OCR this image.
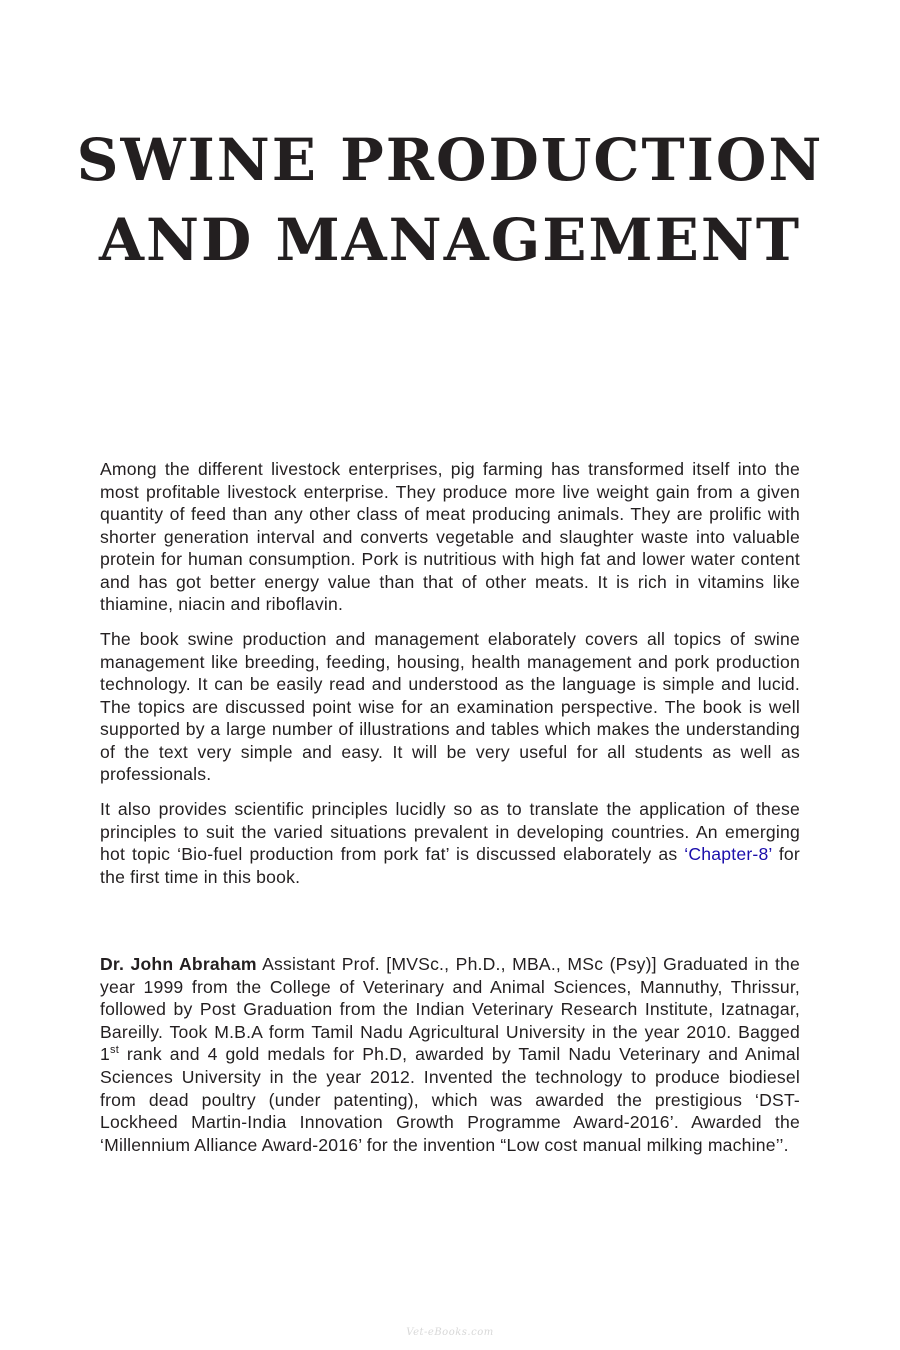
SWINE PRODUCTION
AND MANAGEMENT

Among the different livestock enterprises, pig farming has transformed itself into the most profitable livestock enterprise. They produce more live weight gain from a given quantity of feed than any other class of meat producing animals. They are prolific with shorter generation interval and converts vegetable and slaughter waste into valuable protein for human consumption. Pork is nutritious with high fat and lower water content and has got better energy value than that of other meats. It is rich in vitamins like thiamine, niacin and riboflavin.

The book swine production and management elaborately covers all topics of swine management like breeding, feeding, housing, health management and pork production technology. It can be easily read and understood as the language is simple and lucid. The topics are discussed point wise for an examination perspective. The book is well supported by a large number of illustrations and tables which makes the understanding of the text very simple and easy. It will be very useful for all students as well as professionals.

It also provides scientific principles lucidly so as to translate the application of these principles to suit the varied situations prevalent in developing countries. An emerging hot topic ‘Bio-fuel production from pork fat’ is discussed elaborately as ‘Chapter-8’ for the first time in this book.

Dr. John Abraham Assistant Prof. [MVSc., Ph.D., MBA., MSc (Psy)] Graduated in the year 1999 from the College of Veterinary and Animal Sciences, Mannuthy, Thrissur, followed by Post Graduation from the Indian Veterinary Research Institute, Izatnagar, Bareilly. Took M.B.A form Tamil Nadu Agricultural University in the year 2010. Bagged 1st rank and 4 gold medals for Ph.D, awarded by Tamil Nadu Veterinary and Animal Sciences University in the year 2012. Invented the technology to produce biodiesel from dead poultry (under patenting), which was awarded the prestigious ‘DST-Lockheed Martin-India Innovation Growth Programme Award-2016’. Awarded the ‘Millennium Alliance Award-2016’ for the invention “Low cost manual milking machine’’.

Vet-eBooks.com
